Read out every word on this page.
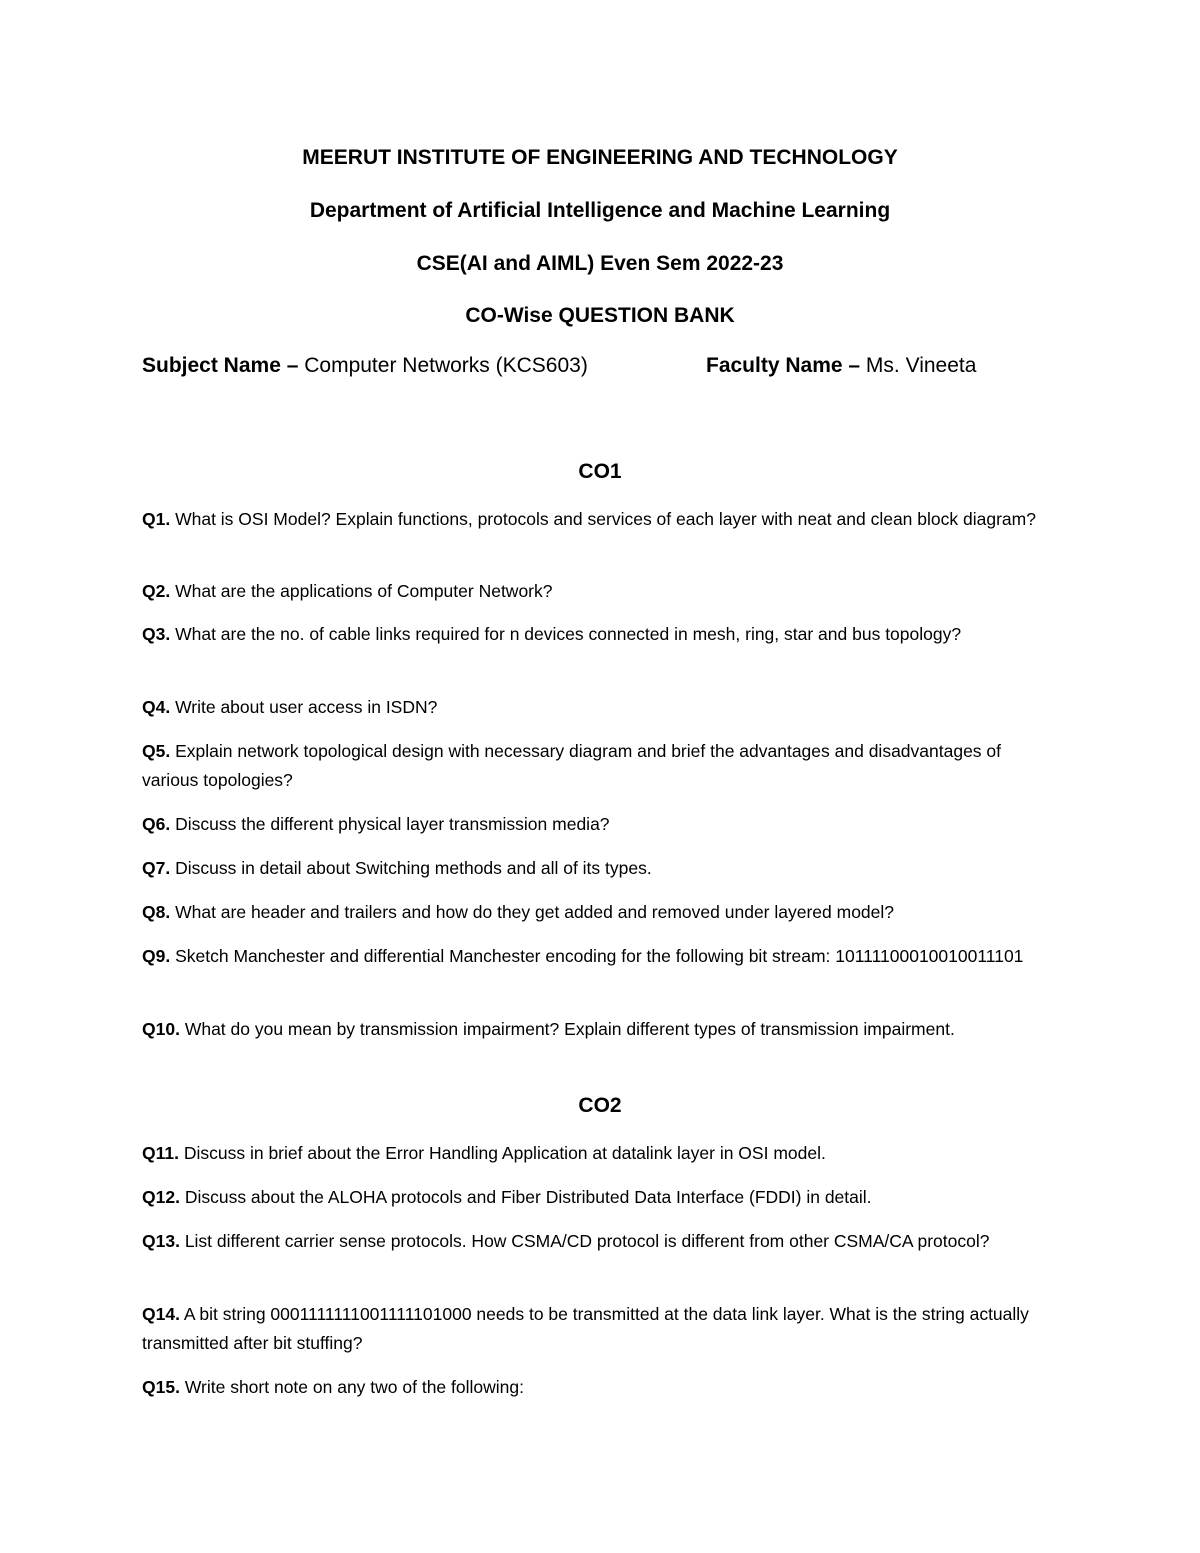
MEERUT INSTITUTE OF ENGINEERING AND TECHNOLOGY
Department of Artificial Intelligence and Machine Learning
CSE(AI and AIML) Even Sem 2022-23
CO-Wise QUESTION BANK
Subject Name – Computer Networks (KCS603)	Faculty Name – Ms. Vineeta
CO1
Q1. What is OSI Model? Explain functions, protocols and services of each layer with neat and clean block diagram?
Q2. What are the applications of Computer Network?
Q3. What are the no. of cable links required for n devices connected in mesh, ring, star and bus topology?
Q4. Write about user access in ISDN?
Q5. Explain network topological design with necessary diagram and brief the advantages and disadvantages of various topologies?
Q6. Discuss the different physical layer transmission media?
Q7. Discuss in detail about Switching methods and all of its types.
Q8. What are header and trailers and how do they get added and removed under layered model?
Q9. Sketch Manchester and differential Manchester encoding for the following bit stream: 10111100010010011101
Q10. What do you mean by transmission impairment? Explain different types of transmission impairment.
CO2
Q11. Discuss in brief about the Error Handling Application at datalink layer in OSI model.
Q12. Discuss about the ALOHA protocols and Fiber Distributed Data Interface (FDDI) in detail.
Q13. List different carrier sense protocols. How CSMA/CD protocol is different from other CSMA/CA protocol?
Q14. A bit string 0001111111001111101000 needs to be transmitted at the data link layer. What is the string actually transmitted after bit stuffing?
Q15. Write short note on any two of the following:
